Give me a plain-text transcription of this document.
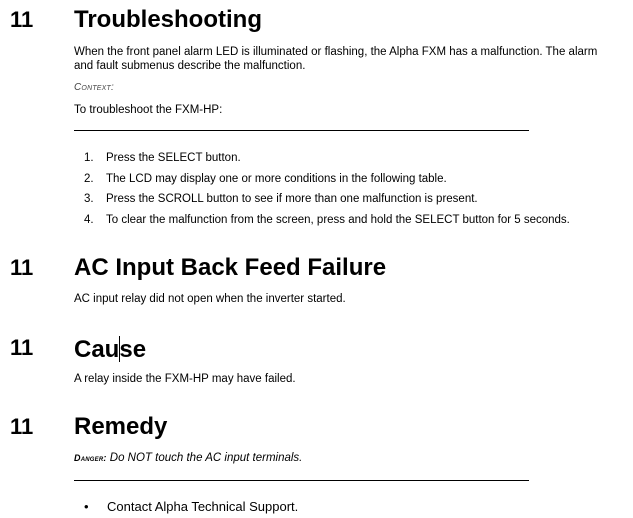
11 Troubleshooting
When the front panel alarm LED is illuminated or flashing, the Alpha FXM has a malfunction. The alarm
and fault submenus describe the malfunction.
Context:
To troubleshoot the FXM-HP:
1. Press the SELECT button.
2. The LCD may display one or more conditions in the following table.
3. Press the SCROLL button to see if more than one malfunction is present.
4. To clear the malfunction from the screen, press and hold the SELECT button for 5 seconds.
11 AC Input Back Feed Failure
AC input relay did not open when the inverter started.
11 Cause
A relay inside the FXM-HP may have failed.
11 Remedy
Danger: Do NOT touch the AC input terminals.
• Contact Alpha Technical Support.
